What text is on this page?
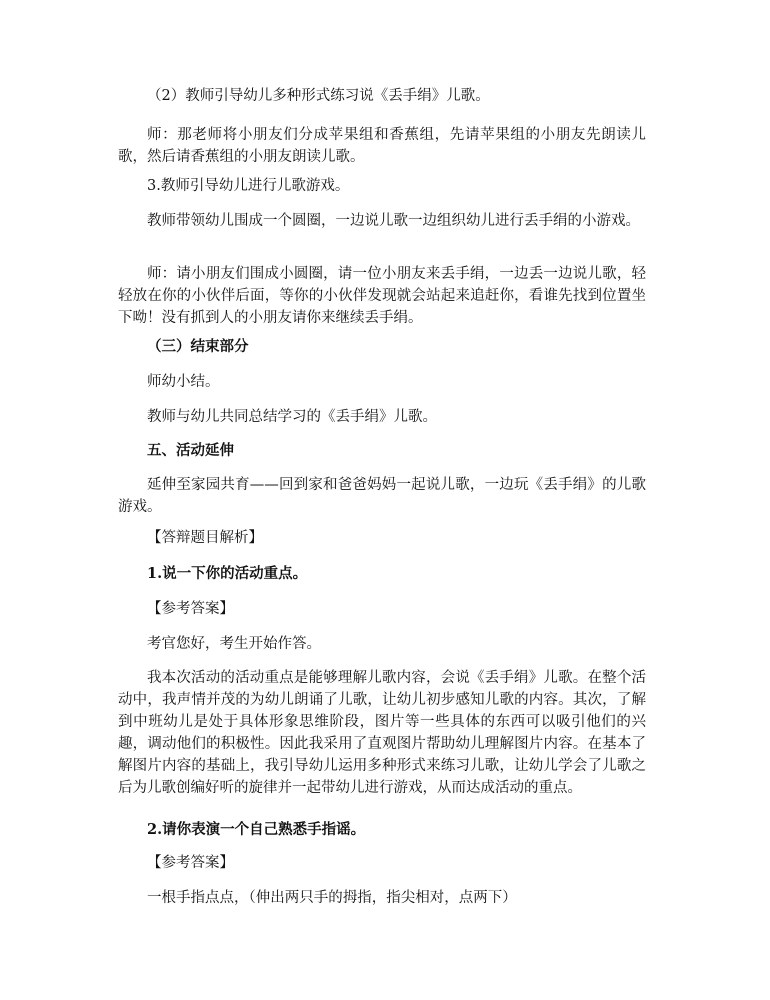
（2）教师引导幼儿多种形式练习说《丢手绢》儿歌。

师：那老师将小朋友们分成苹果组和香蕉组，先请苹果组的小朋友先朗读儿歌，然后请香蕉组的小朋友朗读儿歌。

3.教师引导幼儿进行儿歌游戏。

教师带领幼儿围成一个圆圈，一边说儿歌一边组织幼儿进行丢手绢的小游戏。

师：请小朋友们围成小圆圈，请一位小朋友来丢手绢，一边丢一边说儿歌，轻轻放在你的小伙伴后面，等你的小伙伴发现就会站起来追赶你，看谁先找到位置坐下呦！没有抓到人的小朋友请你来继续丢手绢。

（三）结束部分

师幼小结。

教师与幼儿共同总结学习的《丢手绢》儿歌。

五、活动延伸

延伸至家园共育——回到家和爸爸妈妈一起说儿歌，一边玩《丢手绢》的儿歌游戏。

【答辩题目解析】

1.说一下你的活动重点。

【参考答案】

考官您好，考生开始作答。

我本次活动的活动重点是能够理解儿歌内容，会说《丢手绢》儿歌。在整个活动中，我声情并茂的为幼儿朗诵了儿歌，让幼儿初步感知儿歌的内容。其次，了解到中班幼儿是处于具体形象思维阶段，图片等一些具体的东西可以吸引他们的兴趣，调动他们的积极性。因此我采用了直观图片帮助幼儿理解图片内容。在基本了解图片内容的基础上，我引导幼儿运用多种形式来练习儿歌，让幼儿学会了儿歌之后为儿歌创编好听的旋律并一起带幼儿进行游戏，从而达成活动的重点。

2.请你表演一个自己熟悉手指谣。

【参考答案】

一根手指点点，（伸出两只手的拇指，指尖相对，点两下）
